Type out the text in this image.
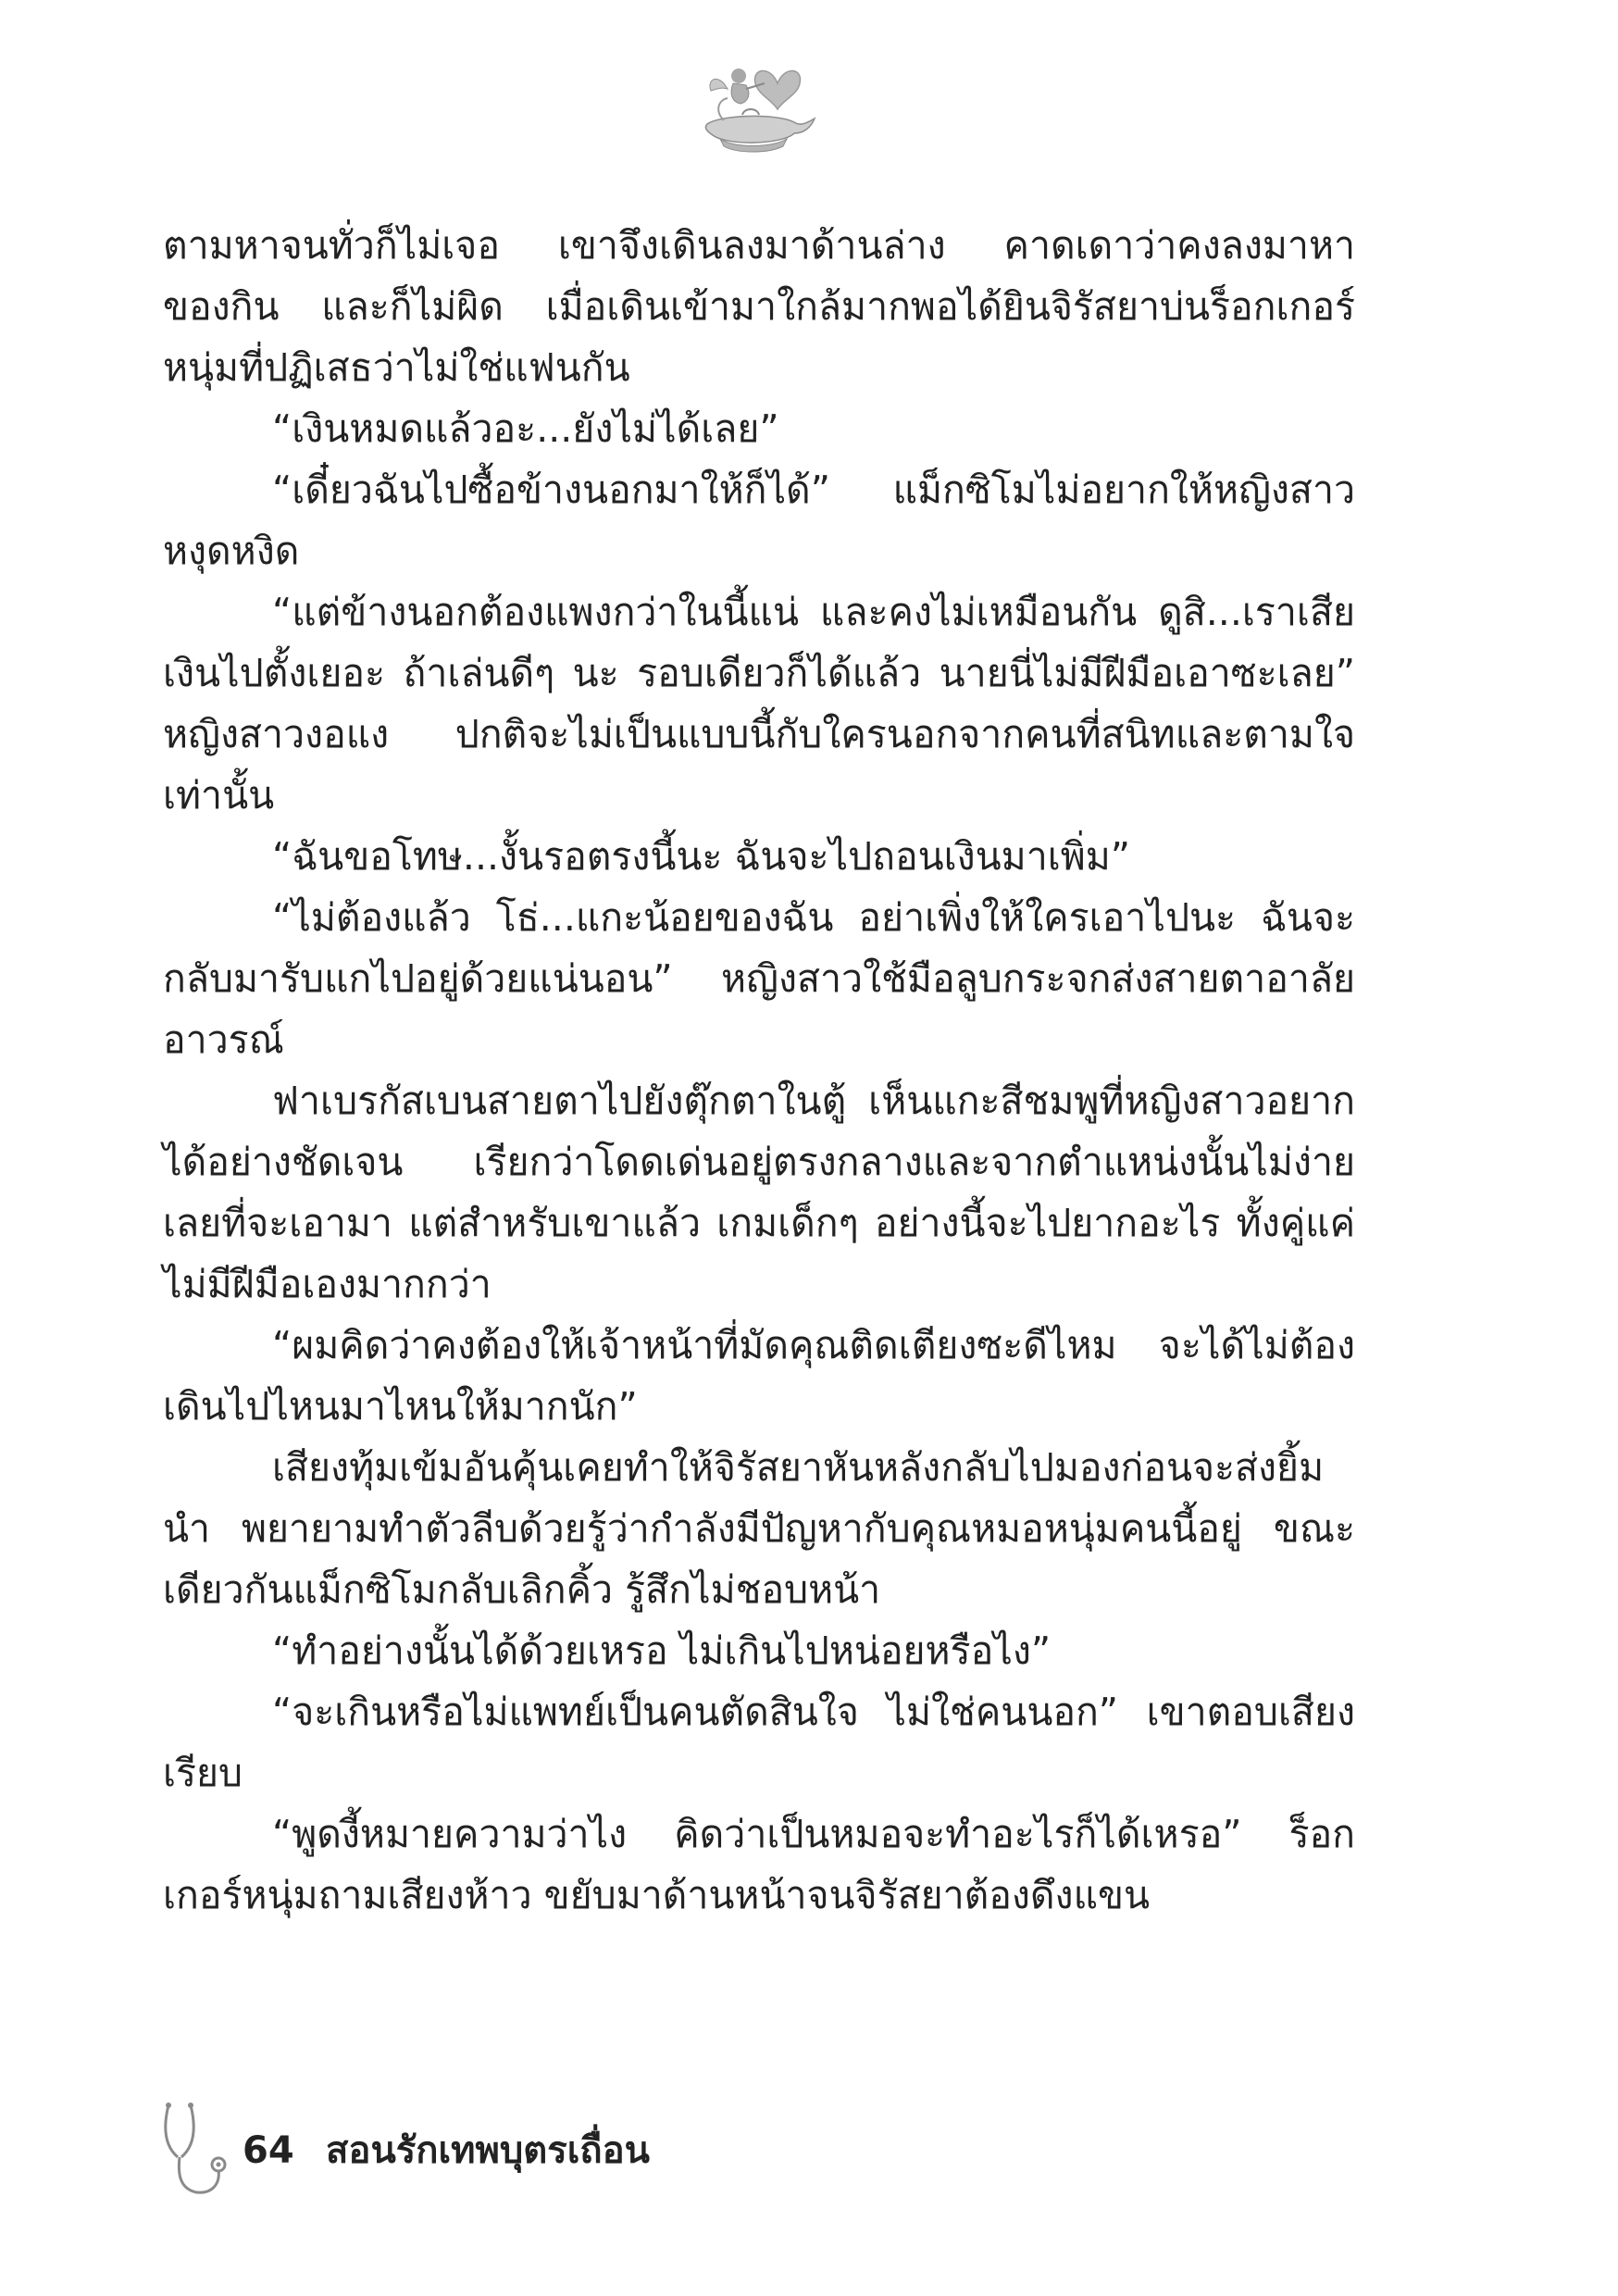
ตามหาจนทั่วก็ไม่เจอ เขาจึงเดินลงมาด้านล่าง คาดเดาว่าคงลงมาหาของกิน และก็ไม่ผิด เมื่อเดินเข้ามาใกล้มากพอได้ยินจิรัสยาบ่นร็อกเกอร์หนุ่มที่ปฏิเสธว่าไม่ใช่แฟนกัน

“เงินหมดแล้วอะ...ยังไม่ได้เลย”

“เดี๋ยวฉันไปซื้อข้างนอกมาให้ก็ได้” แม็กซิโมไม่อยากให้หญิงสาวหงุดหงิด

“แต่ข้างนอกต้องแพงกว่าในนี้แน่ และคงไม่เหมือนกัน ดูสิ...เราเสียเงินไปตั้งเยอะ ถ้าเล่นดีๆ นะ รอบเดียวก็ได้แล้ว นายนี่ไม่มีฝีมือเอาซะเลย” หญิงสาวงอแง ปกติจะไม่เป็นแบบนี้กับใครนอกจากคนที่สนิทและตามใจเท่านั้น

“ฉันขอโทษ...งั้นรอตรงนี้นะ ฉันจะไปถอนเงินมาเพิ่ม”

“ไม่ต้องแล้ว โธ่...แกะน้อยของฉัน อย่าเพิ่งให้ใครเอาไปนะ ฉันจะกลับมารับแกไปอยู่ด้วยแน่นอน” หญิงสาวใช้มือลูบกระจกส่งสายตาอาลัยอาวรณ์

ฟาเบรกัสเบนสายตาไปยังตุ๊กตาในตู้ เห็นแกะสีชมพูที่หญิงสาวอยากได้อย่างชัดเจน เรียกว่าโดดเด่นอยู่ตรงกลางและจากตำแหน่งนั้นไม่ง่ายเลยที่จะเอามา แต่สำหรับเขาแล้ว เกมเด็กๆ อย่างนี้จะไปยากอะไร ทั้งคู่แค่ไม่มีฝีมือเองมากกว่า

“ผมคิดว่าคงต้องให้เจ้าหน้าที่มัดคุณติดเตียงซะดีไหม จะได้ไม่ต้องเดินไปไหนมาไหนให้มากนัก”

เสียงทุ้มเข้มอันคุ้นเคยทำให้จิรัสยาหันหลังกลับไปมองก่อนจะส่งยิ้มนำ พยายามทำตัวลีบด้วยรู้ว่ากำลังมีปัญหากับคุณหมอหนุ่มคนนี้อยู่ ขณะเดียวกันแม็กซิโมกลับเลิกคิ้ว รู้สึกไม่ชอบหน้า

“ทำอย่างนั้นได้ด้วยเหรอ ไม่เกินไปหน่อยหรือไง”

“จะเกินหรือไม่แพทย์เป็นคนตัดสินใจ ไม่ใช่คนนอก” เขาตอบเสียงเรียบ

“พูดงี้หมายความว่าไง คิดว่าเป็นหมอจะทำอะไรก็ได้เหรอ” ร็อกเกอร์หนุ่มถามเสียงห้าว ขยับมาด้านหน้าจนจิรัสยาต้องดึงแขน

64 สอนรักเทพบุตรเถื่อน
